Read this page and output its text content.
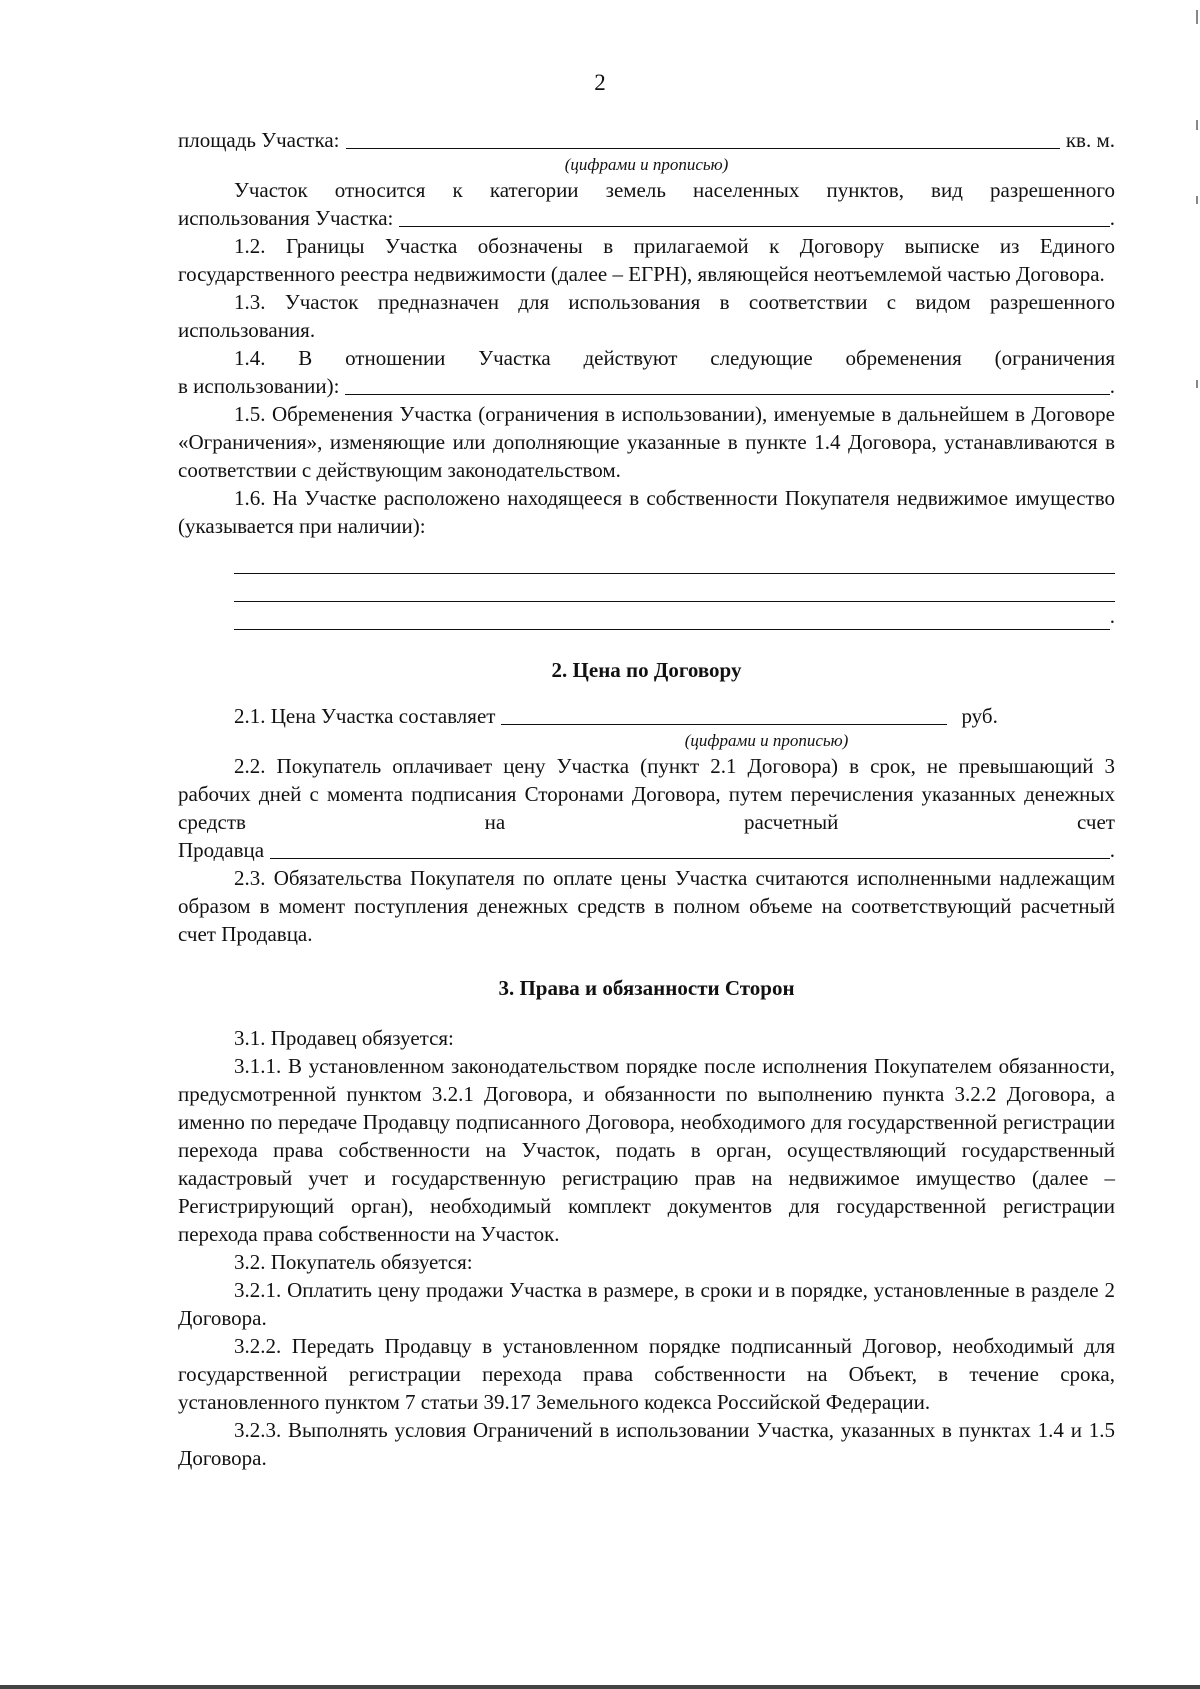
2
площадь Участка:	кв. м.
(цифрами и прописью)
Участок относится к категории земель населенных пунктов, вид разрешенного
использования Участка:	.
1.2. Границы Участка обозначены в прилагаемой к Договору выписке из Единого государственного реестра недвижимости (далее – ЕГРН), являющейся неотъемлемой частью Договора.
1.3. Участок предназначен для использования в соответствии с видом разрешенного использования.
1.4. В отношении Участка действуют следующие обременения (ограничения
в использовании):	.
1.5. Обременения Участка (ограничения в использовании), именуемые в дальнейшем в Договоре «Ограничения», изменяющие или дополняющие указанные в пункте 1.4 Договора, устанавливаются в соответствии с действующим законодательством.
1.6. На Участке расположено находящееся в собственности Покупателя недвижимое имущество (указывается при наличии):
.
2. Цена по Договору
2.1. Цена Участка составляет	руб.
(цифрами и прописью)
2.2. Покупатель оплачивает цену Участка (пункт 2.1 Договора) в срок, не превышающий 3 рабочих дней с момента подписания Сторонами Договора, путем перечисления указанных денежных средств на расчетный счет
Продавца	.
2.3. Обязательства Покупателя по оплате цены Участка считаются исполненными надлежащим образом в момент поступления денежных средств в полном объеме на соответствующий расчетный счет Продавца.
3. Права и обязанности Сторон
3.1. Продавец обязуется:
3.1.1. В установленном законодательством порядке после исполнения Покупателем обязанности, предусмотренной пунктом 3.2.1 Договора, и обязанности по выполнению пункта 3.2.2 Договора, а именно по передаче Продавцу подписанного Договора, необходимого для государственной регистрации перехода права собственности на Участок, подать в орган, осуществляющий государственный кадастровый учет и государственную регистрацию прав на недвижимое имущество (далее – Регистрирующий орган), необходимый комплект документов для государственной регистрации перехода права собственности на Участок.
3.2. Покупатель обязуется:
3.2.1. Оплатить цену продажи Участка в размере, в сроки и в порядке, установленные в разделе 2 Договора.
3.2.2. Передать Продавцу в установленном порядке подписанный Договор, необходимый для государственной регистрации перехода права собственности на Объект, в течение срока, установленного пунктом 7 статьи 39.17 Земельного кодекса Российской Федерации.
3.2.3. Выполнять условия Ограничений в использовании Участка, указанных в пунктах 1.4 и 1.5 Договора.
